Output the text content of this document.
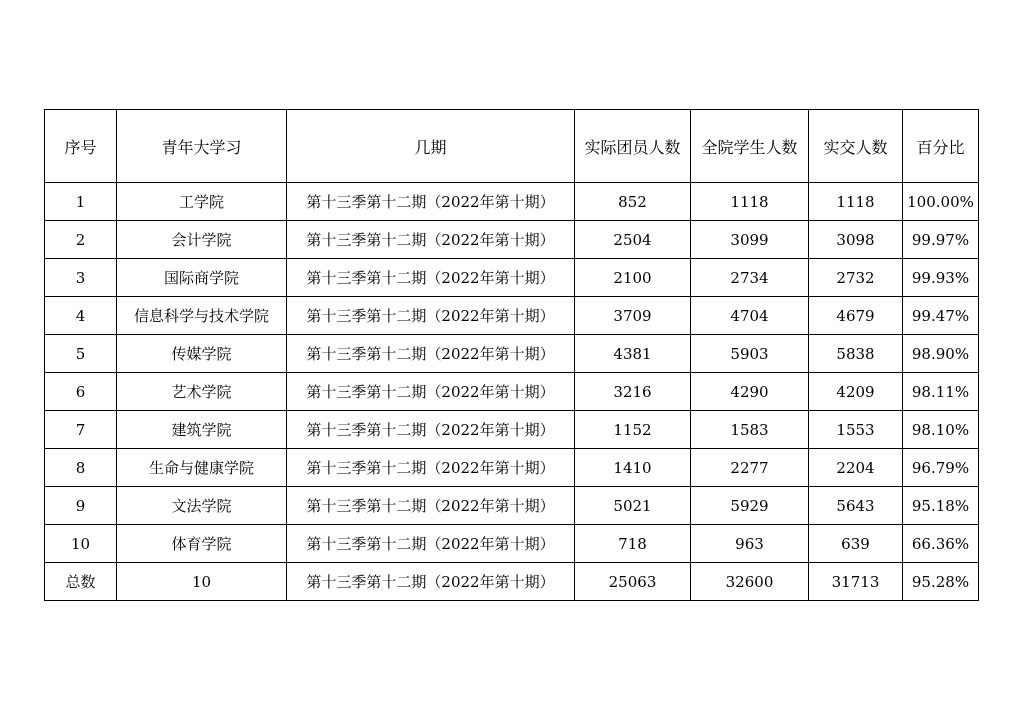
序号	青年大学习	几期	实际团员人数	全院学生人数	实交人数	百分比
1	工学院	第十三季第十二期（2022年第十期）	852	1118	1118	100.00%
2	会计学院	第十三季第十二期（2022年第十期）	2504	3099	3098	99.97%
3	国际商学院	第十三季第十二期（2022年第十期）	2100	2734	2732	99.93%
4	信息科学与技术学院	第十三季第十二期（2022年第十期）	3709	4704	4679	99.47%
5	传媒学院	第十三季第十二期（2022年第十期）	4381	5903	5838	98.90%
6	艺术学院	第十三季第十二期（2022年第十期）	3216	4290	4209	98.11%
7	建筑学院	第十三季第十二期（2022年第十期）	1152	1583	1553	98.10%
8	生命与健康学院	第十三季第十二期（2022年第十期）	1410	2277	2204	96.79%
9	文法学院	第十三季第十二期（2022年第十期）	5021	5929	5643	95.18%
10	体育学院	第十三季第十二期（2022年第十期）	718	963	639	66.36%
总数	10	第十三季第十二期（2022年第十期）	25063	32600	31713	95.28%
